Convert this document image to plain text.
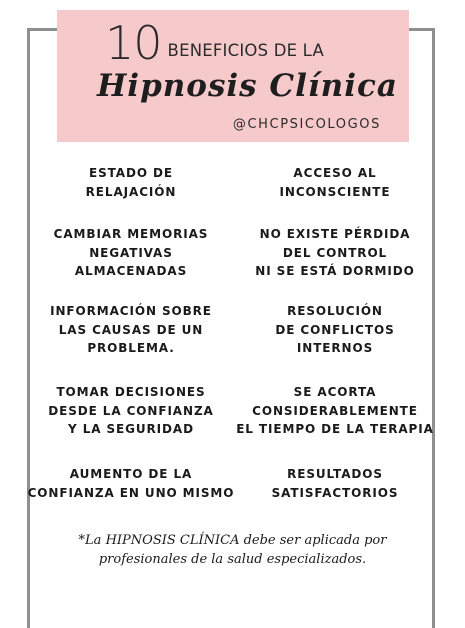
10 BENEFICIOS DE LA
Hipnosis Clínica
@CHCPSICOLOGOS
ESTADO DE
RELAJACIÓN
ACCESO AL
INCONSCIENTE
CAMBIAR MEMORIAS
NEGATIVAS
ALMACENADAS
NO EXISTE PÉRDIDA
DEL CONTROL
NI SE ESTÁ DORMIDO
INFORMACIÓN SOBRE
LAS CAUSAS DE UN
PROBLEMA.
RESOLUCIÓN
DE CONFLICTOS
INTERNOS
TOMAR DECISIONES
DESDE LA CONFIANZA
Y LA SEGURIDAD
SE ACORTA
CONSIDERABLEMENTE
EL TIEMPO DE LA TERAPIA
AUMENTO DE LA
CONFIANZA EN UNO MISMO
RESULTADOS
SATISFACTORIOS
*La HIPNOSIS CLÍNICA debe ser aplicada por
profesionales de la salud especializados.
